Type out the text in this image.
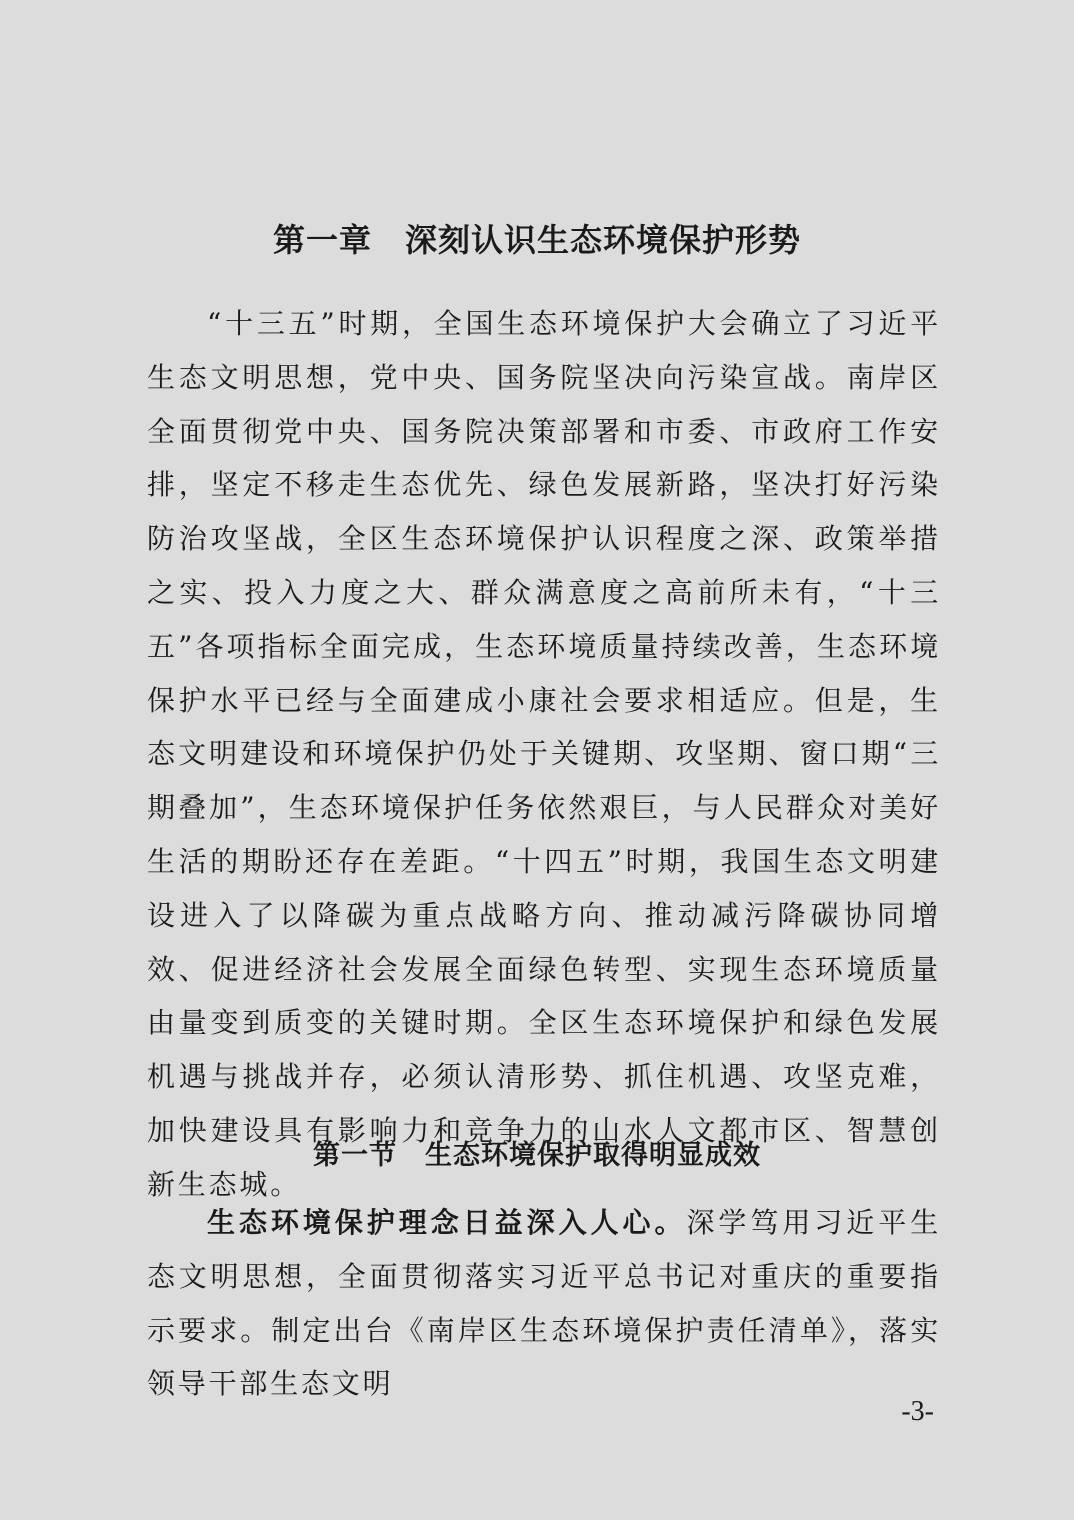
第一章　深刻认识生态环境保护形势

“十三五”时期，全国生态环境保护大会确立了习近平生态文明思想，党中央、国务院坚决向污染宣战。南岸区全面贯彻党中央、国务院决策部署和市委、市政府工作安排，坚定不移走生态优先、绿色发展新路，坚决打好污染防治攻坚战，全区生态环境保护认识程度之深、政策举措之实、投入力度之大、群众满意度之高前所未有，“十三五”各项指标全面完成，生态环境质量持续改善，生态环境保护水平已经与全面建成小康社会要求相适应。但是，生态文明建设和环境保护仍处于关键期、攻坚期、窗口期“三期叠加”，生态环境保护任务依然艰巨，与人民群众对美好生活的期盼还存在差距。“十四五”时期，我国生态文明建设进入了以降碳为重点战略方向、推动减污降碳协同增效、促进经济社会发展全面绿色转型、实现生态环境质量由量变到质变的关键时期。全区生态环境保护和绿色发展机遇与挑战并存，必须认清形势、抓住机遇、攻坚克难，加快建设具有影响力和竞争力的山水人文都市区、智慧创新生态城。

第一节　生态环境保护取得明显成效

生态环境保护理念日益深入人心。深学笃用习近平生态文明思想，全面贯彻落实习近平总书记对重庆的重要指示要求。制定出台《南岸区生态环境保护责任清单》，落实领导干部生态文明

-3-
